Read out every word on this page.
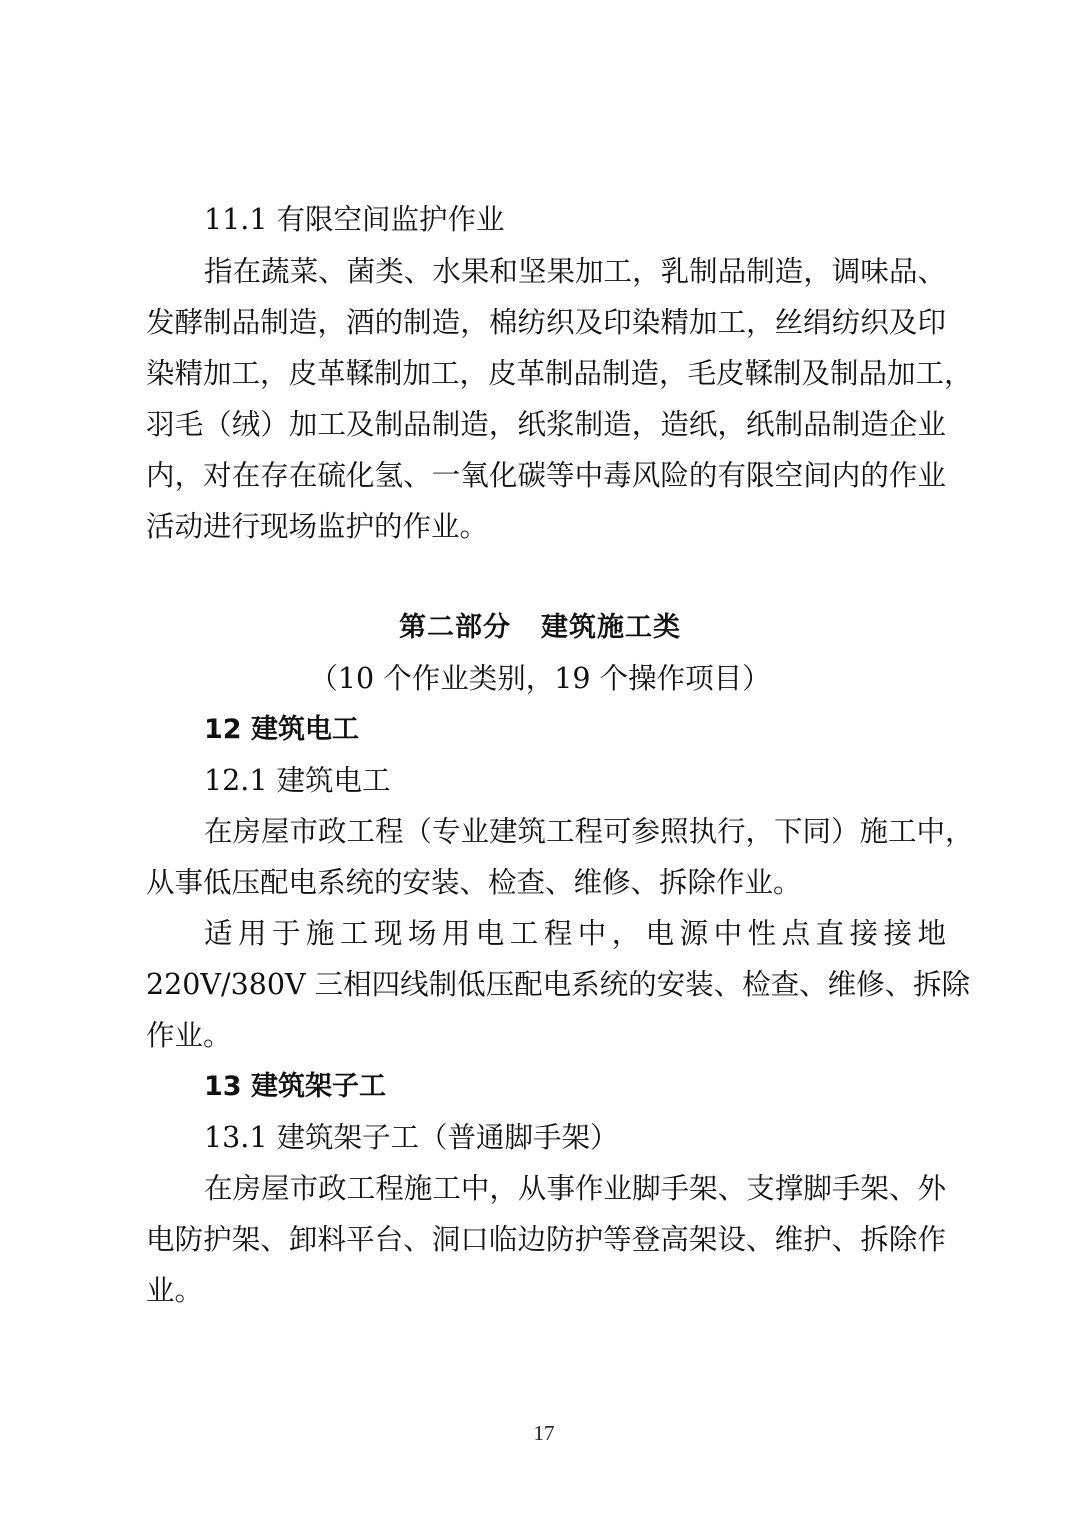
11.1 有限空间监护作业
指在蔬菜、菌类、水果和坚果加工，乳制品制造，调味品、
发酵制品制造，酒的制造，棉纺织及印染精加工，丝绢纺织及印
染精加工，皮革鞣制加工，皮革制品制造，毛皮鞣制及制品加工，
羽毛（绒）加工及制品制造，纸浆制造，造纸，纸制品制造企业
内，对在存在硫化氢、一氧化碳等中毒风险的有限空间内的作业
活动进行现场监护的作业。
第二部分 建筑施工类
（10 个作业类别，19 个操作项目）
12 建筑电工
12.1 建筑电工
在房屋市政工程（专业建筑工程可参照执行，下同）施工中，
从事低压配电系统的安装、检查、维修、拆除作业。
适用于施工现场用电工程中，电源中性点直接接地
220V/380V 三相四线制低压配电系统的安装、检查、维修、拆除
作业。
13 建筑架子工
13.1 建筑架子工（普通脚手架）
在房屋市政工程施工中，从事作业脚手架、支撑脚手架、外
电防护架、卸料平台、洞口临边防护等登高架设、维护、拆除作
业。
17
